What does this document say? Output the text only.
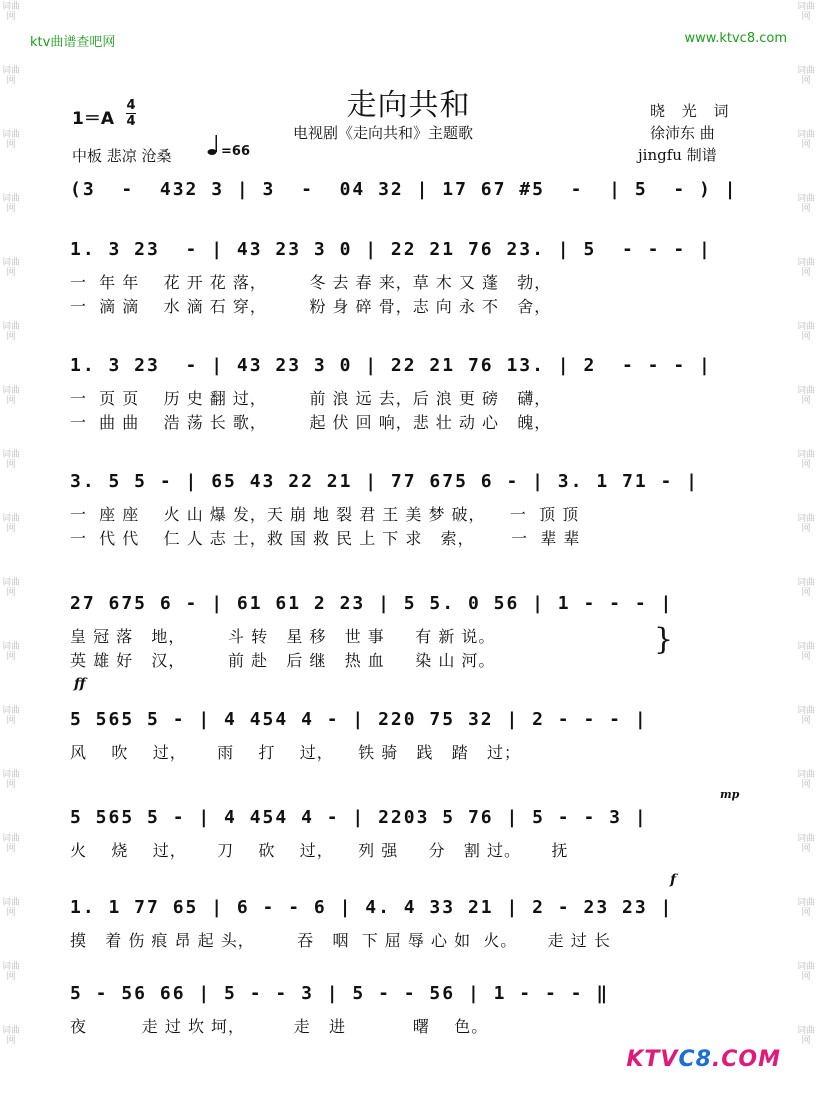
词曲网
词曲网
词曲网
词曲网
词曲网
词曲网
词曲网
词曲网
词曲网
词曲网
词曲网
词曲网
词曲网
词曲网
词曲网
词曲网
词曲网
词曲网
词曲网
词曲网
词曲网
词曲网
词曲网
词曲网
词曲网
词曲网
词曲网
词曲网
词曲网
词曲网
词曲网
词曲网
词曲网
词曲网
ktv曲谱查吧网	www.ktvc8.com
走向共和
电视剧《走向共和》主题歌
1＝A
4
4
中板 悲凉 沧桑	=66
晓 光 词
徐沛东 曲
jingfu 制谱
(3  -  432 3 | 3  -  04 32 | 17 67 #5  -  | 5  - ) |
1. 3 23  - | 43 23 3 0 | 22 21 76 23. | 5  - - - |
一  年 年    花 开 花 落，       冬 去 春 来，草 木 又 蓬   勃，
一  滴 滴    水 滴 石 穿，       粉 身 碎 骨，志 向 永 不   舍，
1. 3 23  - | 43 23 3 0 | 22 21 76 13. | 2  - - - |
一  页 页    历 史 翻 过，       前 浪 远 去，后 浪 更 磅   礴，
一  曲 曲    浩 荡 长 歌，       起 伏 回 响，悲 壮 动 心   魄，
3. 5 5 - | 65 43 22 21 | 77 675 6 - | 3. 1 71 - |
一  座 座    火 山 爆 发，天 崩 地 裂 君 王 美 梦 破，    一  顶 顶
一  代 代    仁 人 志 士，救 国 救 民 上 下 求   索，      一  辈 辈
27 675 6 - | 61 61 2 23 | 5 5. 0 56 | 1 - - - |
皇 冠 落   地，       斗 转   星 移   世 事     有 新 说。
英 雄 好   汉，       前 赴   后 继   热 血     染 山 河。
}
ff
5 565 5 - | 4 454 4 - | 220 75 32 | 2 - - - |
风    吹    过，     雨    打    过，    铁 骑   践   踏   过；
mp
5 565 5 - | 4 454 4 - | 2203 5 76 | 5 - - 3 |
火    烧    过，     刀    砍    过，    列 强     分   割 过。     抚
f
1. 1 77 65 | 6 - - 6 | 4. 4 33 21 | 2 - 23 23 |
摸   着 伤 痕 昂 起 头，       吞   咽  下 屈 辱 心 如  火。     走 过 长
5 - 56 66 | 5 - - 3 | 5 - - 56 | 1 - - - ‖
夜         走 过 坎 坷，        走   进           曙    色。
KTVC8.COM
